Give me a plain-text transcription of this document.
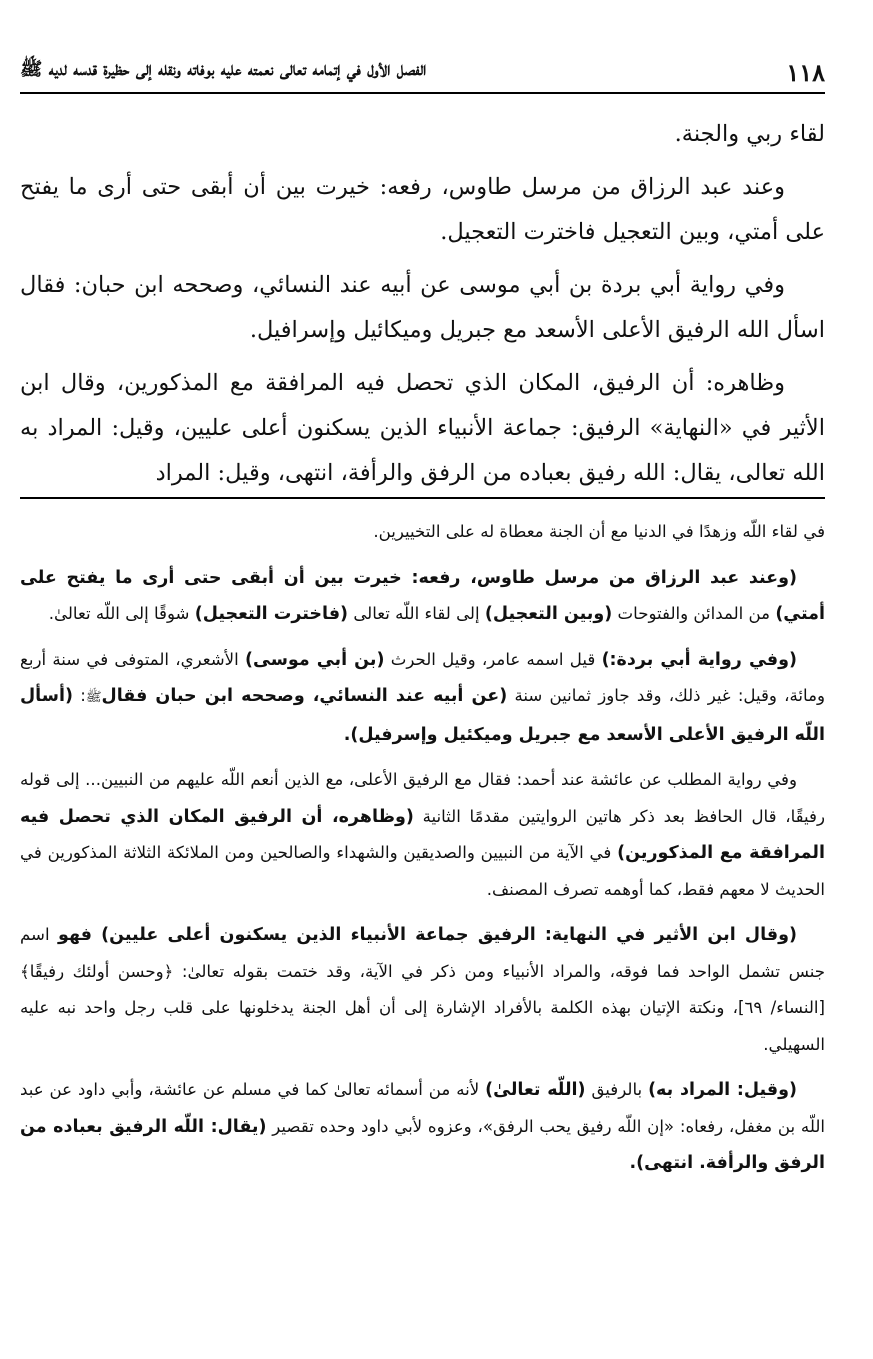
١١٨
الفصل الأول في إتمامه تعالى نعمته عليه بوفاته ونقله إلى حظيرة قدسه لديه ﷺ

لقاء ربي والجنة.

وعند عبد الرزاق من مرسل طاوس، رفعه: خيرت بين أن أبقى حتى أرى ما يفتح على أمتي، وبين التعجيل فاخترت التعجيل.

وفي رواية أبي بردة بن أبي موسى عن أبيه عند النسائي، وصححه ابن حبان: فقال اسأل الله الرفيق الأعلى الأسعد مع جبريل وميكائيل وإسرافيل.

وظاهره: أن الرفيق، المكان الذي تحصل فيه المرافقة مع المذكورين، وقال ابن الأثير في «النهاية» الرفيق: جماعة الأنبياء الذين يسكنون أعلى عليين، وقيل: المراد به الله تعالى، يقال: الله رفيق بعباده من الرفق والرأفة، انتهى، وقيل: المراد

في لقاء اللّه وزهدًا في الدنيا مع أن الجنة معطاة له على التخييرين.

(وعند عبد الرزاق من مرسل طاوس، رفعه: خيرت بين أن أبقى حتى أرى ما يفتح على أمتي) من المدائن والفتوحات (وبين التعجيل) إلى لقاء اللّه تعالى (فاخترت التعجيل) شوقًا إلى اللّه تعالىٰ.

(وفي رواية أبي بردة:) قيل اسمه عامر، وقيل الحرث (بن أبي موسى) الأشعري، المتوفى في سنة أربع ومائة، وقيل: غير ذلك، وقد جاوز ثمانين سنة (عن أبيه عند النسائي، وصححه ابن حبان فقالﷺ: (أسأل اللّه الرفيق الأعلى الأسعد مع جبريل وميكئيل وإسرفيل).

وفي رواية المطلب عن عائشة عند أحمد: فقال مع الرفيق الأعلى، مع الذين أنعم اللّه عليهم من النبيين... إلى قوله رفيقًا، قال الحافظ بعد ذكر هاتين الروايتين مقدمًا الثانية (وظاهره، أن الرفيق المكان الذي تحصل فيه المرافقة مع المذكورين) في الآية من النبيين والصديقين والشهداء والصالحين ومن الملائكة الثلاثة المذكورين في الحديث لا معهم فقط، كما أوهمه تصرف المصنف.

(وقال ابن الأثير في النهاية: الرفيق جماعة الأنبياء الذين يسكنون أعلى عليين) فهو اسم جنس تشمل الواحد فما فوقه، والمراد الأنبياء ومن ذكر في الآية، وقد ختمت بقوله تعالىٰ: ﴿وحسن أولئك رفيقًا﴾ [النساء/ ٦٩]، ونكتة الإتيان بهذه الكلمة بالأفراد الإشارة إلى أن أهل الجنة يدخلونها على قلب رجل واحد نبه عليه السهيلي.

(وقيل: المراد به) بالرفيق (اللّه تعالىٰ) لأنه من أسمائه تعالىٰ كما في مسلم عن عائشة، وأبي داود عن عبد اللّه بن مغفل، رفعاه: «إن اللّه رفيق يحب الرفق»، وعزوه لأبي داود وحده تقصير (يقال: اللّه الرفيق بعباده من الرفق والرأفة. انتهى).
